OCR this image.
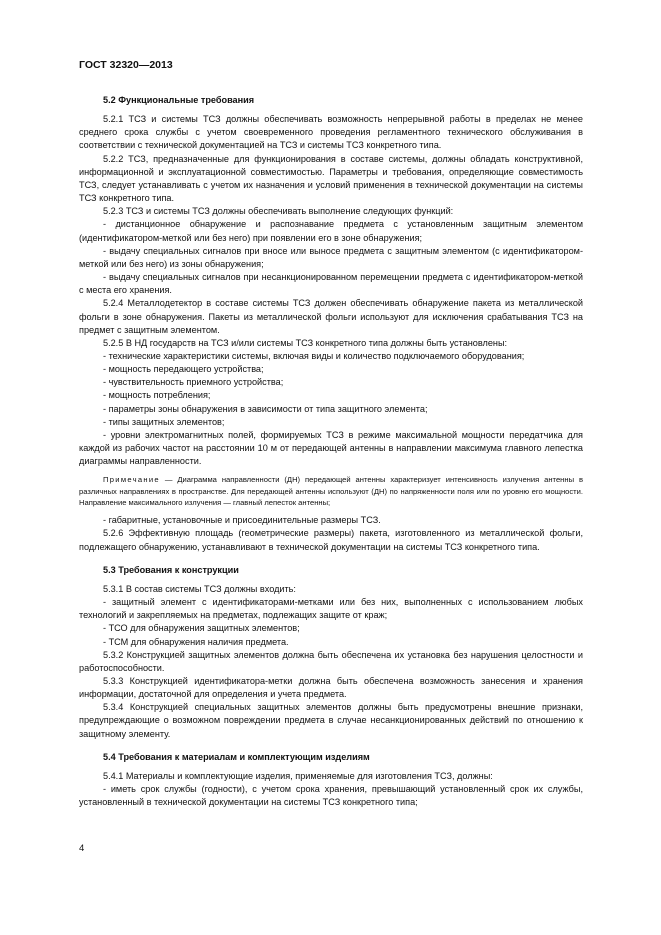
ГОСТ 32320—2013

5.2 Функциональные требования

5.2.1 ТСЗ и системы ТСЗ должны обеспечивать возможность непрерывной работы в пределах не менее среднего срока службы с учетом своевременного проведения регламентного технического обслуживания в соответствии с технической документацией на ТСЗ и системы ТСЗ конкретного типа.

5.2.2 ТСЗ, предназначенные для функционирования в составе системы, должны обладать конструктивной, информационной и эксплуатационной совместимостью. Параметры и требования, определяющие совместимость ТСЗ, следует устанавливать с учетом их назначения и условий применения в технической документации на системы ТСЗ конкретного типа.

5.2.3 ТСЗ и системы ТСЗ должны обеспечивать выполнение следующих функций:

- дистанционное обнаружение и распознавание предмета с установленным защитным элементом (идентификатором-меткой или без него) при появлении его в зоне обнаружения;

- выдачу специальных сигналов при вносе или выносе предмета с защитным элементом (с идентификатором-меткой или без него) из зоны обнаружения;

- выдачу специальных сигналов при несанкционированном перемещении предмета с идентификатором-меткой с места его хранения.

5.2.4 Металлодетектор в составе системы ТСЗ должен обеспечивать обнаружение пакета из металлической фольги в зоне обнаружения. Пакеты из металлической фольги используют для исключения срабатывания ТСЗ на предмет с защитным элементом.

5.2.5 В НД государств на ТСЗ и/или системы ТСЗ конкретного типа должны быть установлены:

- технические характеристики системы, включая виды и количество подключаемого оборудования;

- мощность передающего устройства;

- чувствительность приемного устройства;

- мощность потребления;

- параметры зоны обнаружения в зависимости от типа защитного элемента;

- типы защитных элементов;

- уровни электромагнитных полей, формируемых ТСЗ в режиме максимальной мощности передатчика для каждой из рабочих частот на расстоянии 10 м от передающей антенны в направлении максимума главного лепестка диаграммы направленности.

Примечание — Диаграмма направленности (ДН) передающей антенны характеризует интенсивность излучения антенны в различных направлениях в пространстве. Для передающей антенны используют (ДН) по напряженности поля или по уровню его мощности. Направление максимального излучения — главный лепесток антенны;

- габаритные, установочные и присоединительные размеры ТСЗ.

5.2.6 Эффективную площадь (геометрические размеры) пакета, изготовленного из металлической фольги, подлежащего обнаружению, устанавливают в технической документации на системы ТСЗ конкретного типа.

5.3 Требования к конструкции

5.3.1 В состав системы ТСЗ должны входить:

- защитный элемент с идентификаторами-метками или без них, выполненных с использованием любых технологий и закрепляемых на предметах, подлежащих защите от краж;

- ТСО для обнаружения защитных элементов;

- ТСМ для обнаружения наличия предмета.

5.3.2 Конструкцией защитных элементов должна быть обеспечена их установка без нарушения целостности и работоспособности.

5.3.3 Конструкцией идентификатора-метки должна быть обеспечена возможность занесения и хранения информации, достаточной для определения и учета предмета.

5.3.4 Конструкцией специальных защитных элементов должны быть предусмотрены внешние признаки, предупреждающие о возможном повреждении предмета в случае несанкционированных действий по отношению к защитному элементу.

5.4 Требования к материалам и комплектующим изделиям

5.4.1 Материалы и комплектующие изделия, применяемые для изготовления ТСЗ, должны:

- иметь срок службы (годности), с учетом срока хранения, превышающий установленный срок их службы, установленный в технической документации на системы ТСЗ конкретного типа;

4
